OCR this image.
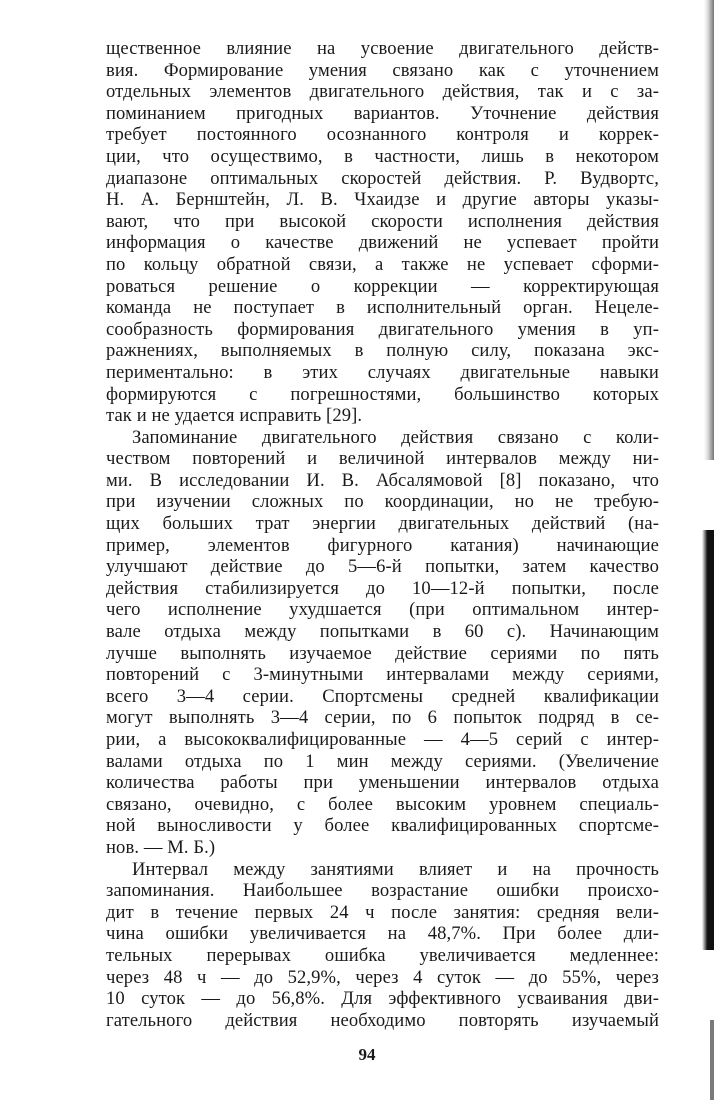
щественное влияние на усвоение двигательного действ-
вия. Формирование умения связано как с уточнением
отдельных элементов двигательного действия, так и с за-
поминанием пригодных вариантов. Уточнение действия
требует постоянного осознанного контроля и коррек-
ции, что осуществимо, в частности, лишь в некотором
диапазоне оптимальных скоростей действия. Р. Вудвортс,
Н. А. Бернштейн, Л. В. Чхаидзе и другие авторы указы-
вают, что при высокой скорости исполнения действия
информация о качестве движений не успевает пройти
по кольцу обратной связи, а также не успевает сформи-
роваться решение о коррекции — корректирующая
команда не поступает в исполнительный орган. Нецеле-
сообразность формирования двигательного умения в уп-
ражнениях, выполняемых в полную силу, показана экс-
периментально: в этих случаях двигательные навыки
формируются с погрешностями, большинство которых
так и не удается исправить [29].
Запоминание двигательного действия связано с коли-
чеством повторений и величиной интервалов между ни-
ми. В исследовании И. В. Абсалямовой [8] показано, что
при изучении сложных по координации, но не требую-
щих больших трат энергии двигательных действий (на-
пример, элементов фигурного катания) начинающие
улучшают действие до 5—6-й попытки, затем качество
действия стабилизируется до 10—12-й попытки, после
чего исполнение ухудшается (при оптимальном интер-
вале отдыха между попытками в 60 с). Начинающим
лучше выполнять изучаемое действие сериями по пять
повторений с 3-минутными интервалами между сериями,
всего 3—4 серии. Спортсмены средней квалификации
могут выполнять 3—4 серии, по 6 попыток подряд в се-
рии, а высококвалифицированные — 4—5 серий с интер-
валами отдыха по 1 мин между сериями. (Увеличение
количества работы при уменьшении интервалов отдыха
связано, очевидно, с более высоким уровнем специаль-
ной выносливости у более квалифицированных спортсме-
нов. — М. Б.)
Интервал между занятиями влияет и на прочность
запоминания. Наибольшее возрастание ошибки происхо-
дит в течение первых 24 ч после занятия: средняя вели-
чина ошибки увеличивается на 48,7%. При более дли-
тельных перерывах ошибка увеличивается медленнее:
через 48 ч — до 52,9%, через 4 суток — до 55%, через
10 суток — до 56,8%. Для эффективного усваивания дви-
гательного действия необходимо повторять изучаемый
94
